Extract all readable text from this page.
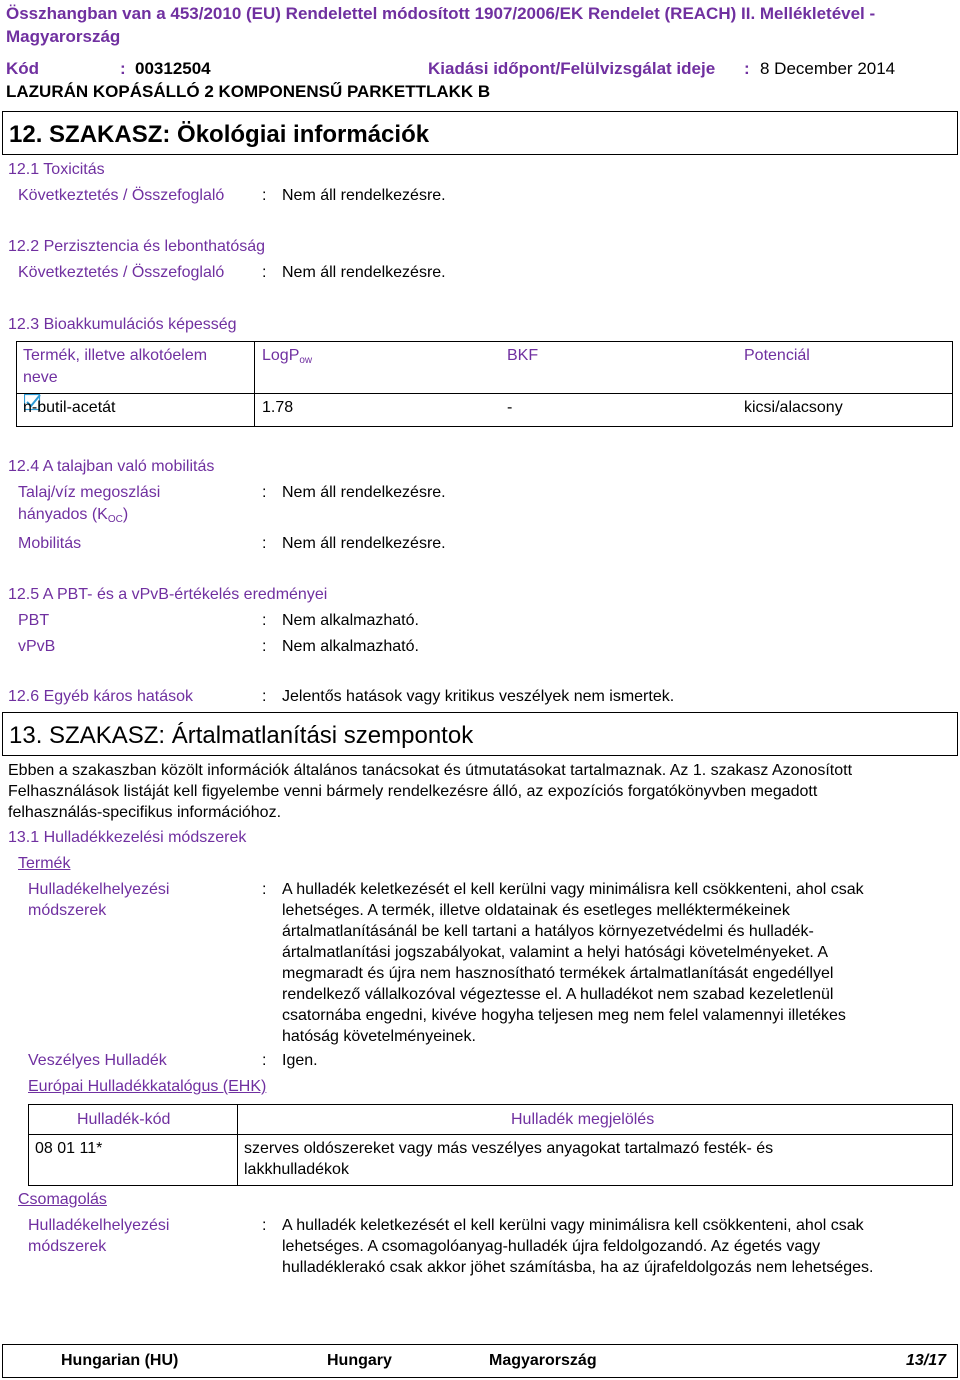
Összhangban van a 453/2010 (EU) Rendelettel módosított 1907/2006/EK Rendelet (REACH) II. Mellékletével -
Magyarország
Kód	: 00312504	Kiadási időpont/Felülvizsgálat ideje : 8 December 2014
LAZURÁN KOPÁSÁLLÓ 2 KOMPONENSŰ PARKETTLAKK B
12. SZAKASZ: Ökológiai információk
12.1 Toxicitás
Következtetés / Összefoglaló : Nem áll rendelkezésre.
12.2 Perzisztencia és lebonthatóság
Következtetés / Összefoglaló : Nem áll rendelkezésre.
12.3 Bioakkumulációs képesség
Termék, illetve alkotóelem
neve
LogP$_{ow}$	BKF	Potenciál
n-butil-acetát	1.78	-	kicsi/alacsony
12.4 A talajban való mobilitás
Talaj/víz megoszlási
hányados $(K_{OC})$
: Nem áll rendelkezésre.
Mobilitás	: Nem áll rendelkezésre.
12.5 A PBT- és a vPvB-értékelés eredményei
PBT	: Nem alkalmazható.
vPvB	: Nem alkalmazható.
12.6 Egyéb káros hatások	: Jelentős hatások vagy kritikus veszélyek nem ismertek.
13. SZAKASZ: Ártalmatlanítási szempontok
Ebben a szakaszban közölt információk általános tanácsokat és útmutatásokat tartalmaznak. Az 1. szakasz Azonosított
Felhasználások listáját kell figyelembe venni bármely rendelkezésre álló, az expozíciós forgatókönyvben megadott
felhasználás-specifikus információhoz.
13.1 Hulladékkezelési módszerek
Termék
Hulladékelhelyezési
módszerek
: A hulladék keletkezését el kell kerülni vagy minimálisra kell csökkenteni, ahol csak
lehetséges. A termék, illetve oldatainak és esetleges melléktermékeinek
ártalmatlanításánál be kell tartani a hatályos környezetvédelmi és hulladék-
ártalmatlanítási jogszabályokat, valamint a helyi hatósági követelményeket. A
megmaradt és újra nem hasznosítható termékek ártalmatlanítását engedéllyel
rendelkező vállalkozóval végeztesse el. A hulladékot nem szabad kezeletlenül
csatornába engedni, kivéve hogyha teljesen meg nem felel valamennyi illetékes
hatóság követelményeinek.
Veszélyes Hulladék	: Igen.
Európai Hulladékkatalógus (EHK)
Hulladék-kód	Hulladék megjelölés
08 01 11*	szerves oldószereket vagy más veszélyes anyagokat tartalmazó festék- és
lakkhulladékok
Csomagolás
Hulladékelhelyezési
módszerek
: A hulladék keletkezését el kell kerülni vagy minimálisra kell csökkenteni, ahol csak
lehetséges. A csomagolóanyag-hulladék újra feldolgozandó. Az égetés vagy
hulladéklerakó csak akkor jöhet számításba, ha az újrafeldolgozás nem lehetséges.
Hungarian (HU)	Hungary	Magyarország	13/17
